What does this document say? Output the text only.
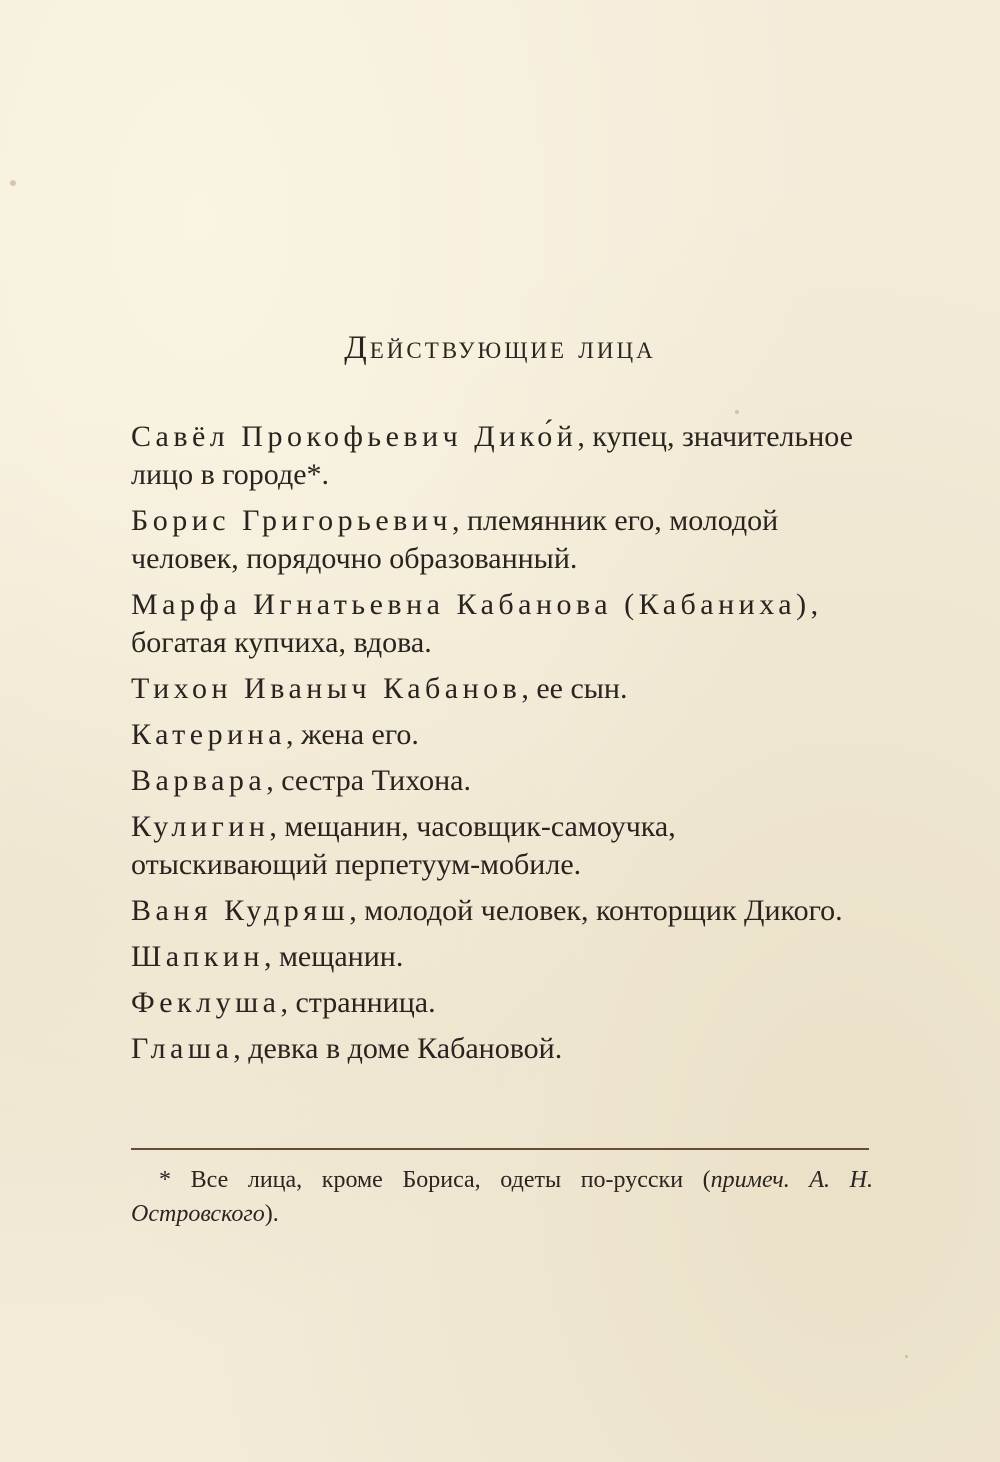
Действующие лица
Савёл Прокофьевич Дико́й, купец, значительное лицо в городе*.
Борис Григорьевич, племянник его, молодой человек, порядочно образованный.
Марфа Игнатьевна Кабанова (Кабаниха), богатая купчиха, вдова.
Тихон Иваныч Кабанов, ее сын.
Катерина, жена его.
Варвара, сестра Тихона.
Кулигин, мещанин, часовщик-самоучка, отыскивающий перпетуум-мобиле.
Ваня Кудряш, молодой человек, конторщик Дикого.
Шапкин, мещанин.
Феклуша, странница.
Глаша, девка в доме Кабановой.
* Все лица, кроме Бориса, одеты по-русски (примеч. А. Н. Островского).
